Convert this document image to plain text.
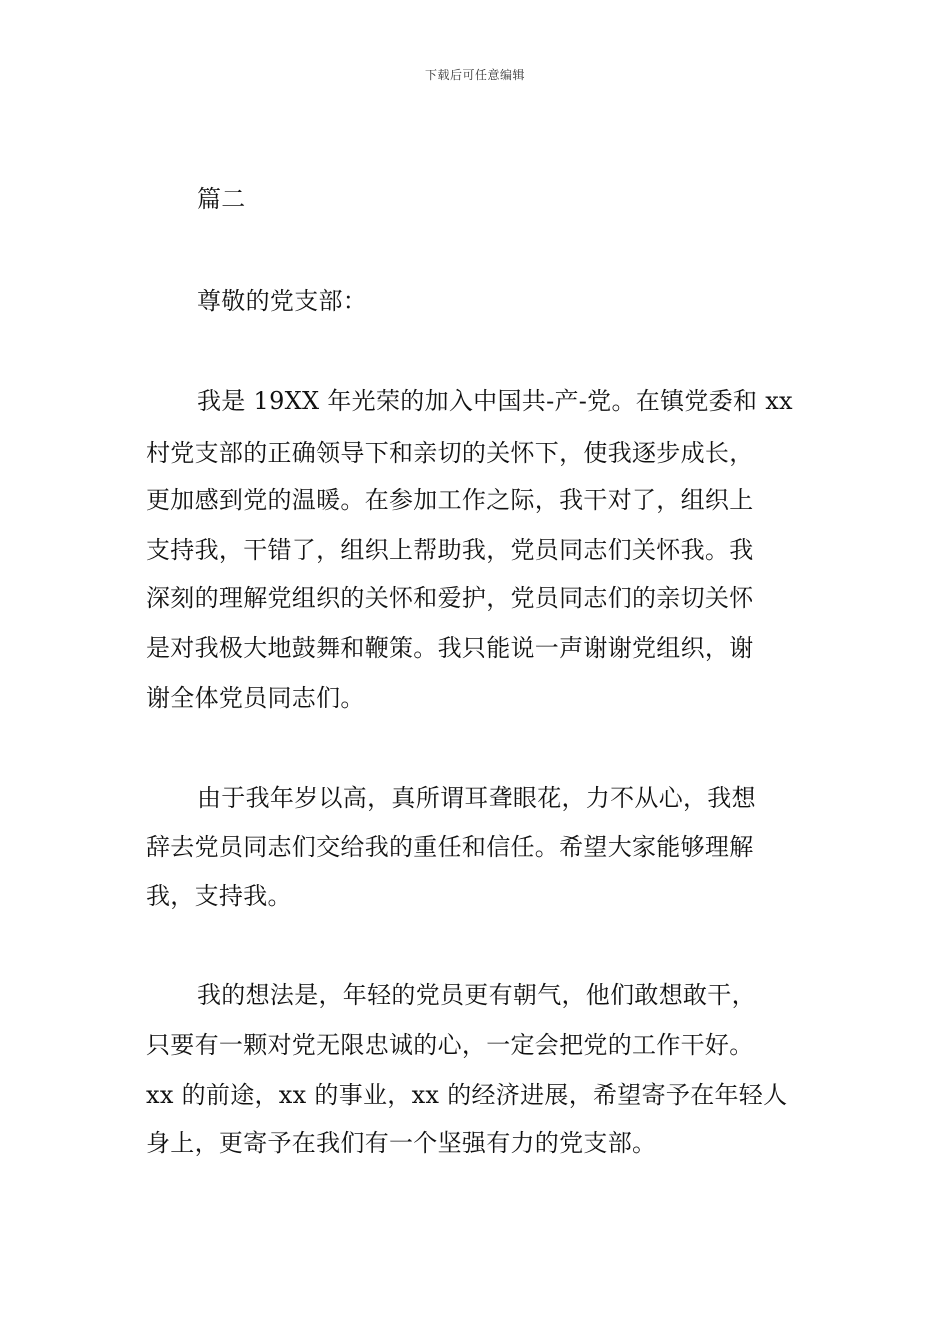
下载后可任意编辑
篇二
尊敬的党支部：
我是 19XX 年光荣的加入中国共-产-党。在镇党委和 xx
村党支部的正确领导下和亲切的关怀下，使我逐步成长，
更加感到党的温暖。在参加工作之际，我干对了，组织上
支持我，干错了，组织上帮助我，党员同志们关怀我。我
深刻的理解党组织的关怀和爱护，党员同志们的亲切关怀
是对我极大地鼓舞和鞭策。我只能说一声谢谢党组织，谢
谢全体党员同志们。
由于我年岁以高，真所谓耳聋眼花，力不从心，我想
辞去党员同志们交给我的重任和信任。希望大家能够理解
我，支持我。
我的想法是，年轻的党员更有朝气，他们敢想敢干，
只要有一颗对党无限忠诚的心，一定会把党的工作干好。
xx 的前途，xx 的事业，xx 的经济进展，希望寄予在年轻人
身上，更寄予在我们有一个坚强有力的党支部。
